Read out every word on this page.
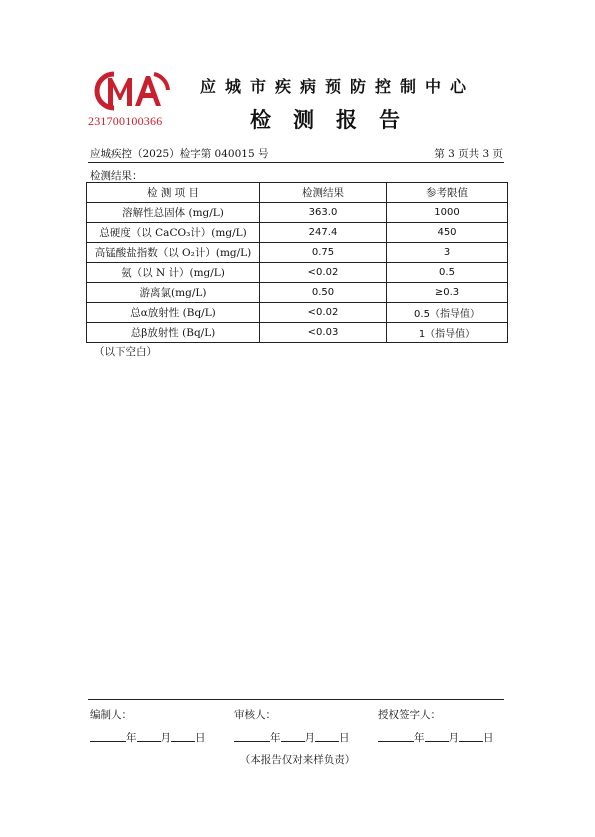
231700100366
应城市疾病预防控制中心
检测报告
应城疾控（2025）检字第 040015 号	第 3 页共 3 页
检测结果：
检 测 项 目	检测结果	参考限值
溶解性总固体 (mg/L)	363.0	1000
总硬度（以 CaCO₃计）(mg/L)	247.4	450
高锰酸盐指数（以 O₂计）(mg/L)	0.75	3
氨（以 N 计）(mg/L)	<0.02	0.5
游离氯(mg/L)	0.50	≥0.3
总α放射性 (Bq/L)	<0.02	0.5（指导值）
总β放射性 (Bq/L)	<0.03	1（指导值）
（以下空白）
编制人：	审核人：	授权签字人：
年 月 日	年 月 日	年 月 日
（本报告仅对来样负责）
